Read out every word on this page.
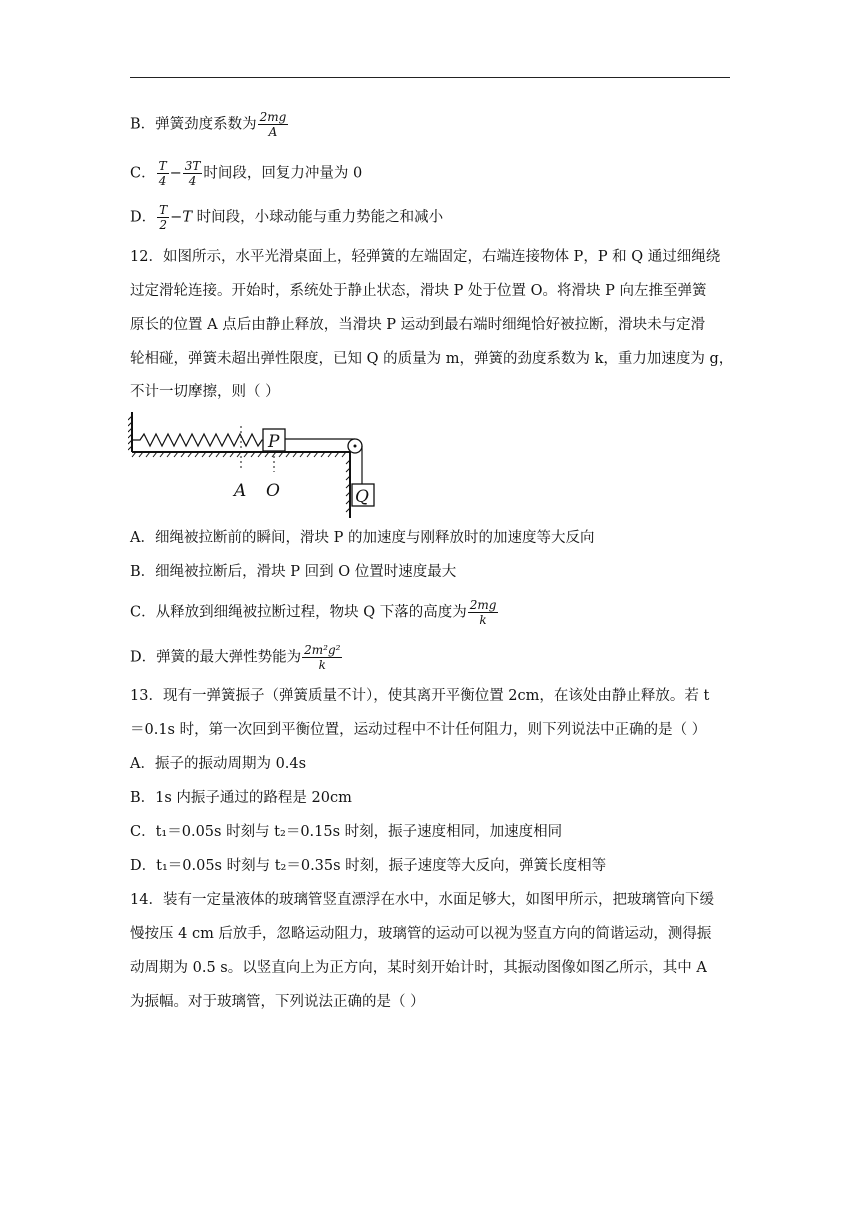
B．弹簧劲度系数为 $\frac{2mg}{A}$
C． $\frac{T}{4} - \frac{3T}{4}$ 时间段，回复力冲量为 0
D． $\frac{T}{2} -T$ 时间段，小球动能与重力势能之和减小
12．如图所示，水平光滑桌面上，轻弹簧的左端固定，右端连接物体 P，P 和 Q 通过细绳绕
过定滑轮连接。开始时，系统处于静止状态，滑块 P 处于位置 O。将滑块 P 向左推至弹簧
原长的位置 A 点后由静止释放，当滑块 P 运动到最右端时细绳恰好被拉断，滑块未与定滑
轮相碰，弹簧未超出弹性限度，已知 Q 的质量为 m，弹簧的劲度系数为 k，重力加速度为 g，
不计一切摩擦，则（ ）
P
Q
A O
A．细绳被拉断前的瞬间，滑块 P 的加速度与刚释放时的加速度等大反向
B．细绳被拉断后，滑块 P 回到 O 位置时速度最大
C．从释放到细绳被拉断过程，物块 Q 下落的高度为 $\frac{2mg}{k}$
D．弹簧的最大弹性势能为 $\frac{\text{2m²g²}}{k}$
13．现有一弹簧振子（弹簧质量不计），使其离开平衡位置 2cm，在该处由静止释放。若 t
＝0.1s 时，第一次回到平衡位置，运动过程中不计任何阻力，则下列说法中正确的是（ ）
A．振子的振动周期为 0.4s
B．1s 内振子通过的路程是 20cm
C．t₁＝0.05s 时刻与 t₂＝0.15s 时刻，振子速度相同，加速度相同
D．t₁＝0.05s 时刻与 t₂＝0.35s 时刻，振子速度等大反向，弹簧长度相等
14．装有一定量液体的玻璃管竖直漂浮在水中，水面足够大，如图甲所示，把玻璃管向下缓
慢按压 4 cm 后放手，忽略运动阻力，玻璃管的运动可以视为竖直方向的简谐运动，测得振
动周期为 0.5 s。以竖直向上为正方向，某时刻开始计时，其振动图像如图乙所示，其中 A
为振幅。对于玻璃管，下列说法正确的是（ ）
